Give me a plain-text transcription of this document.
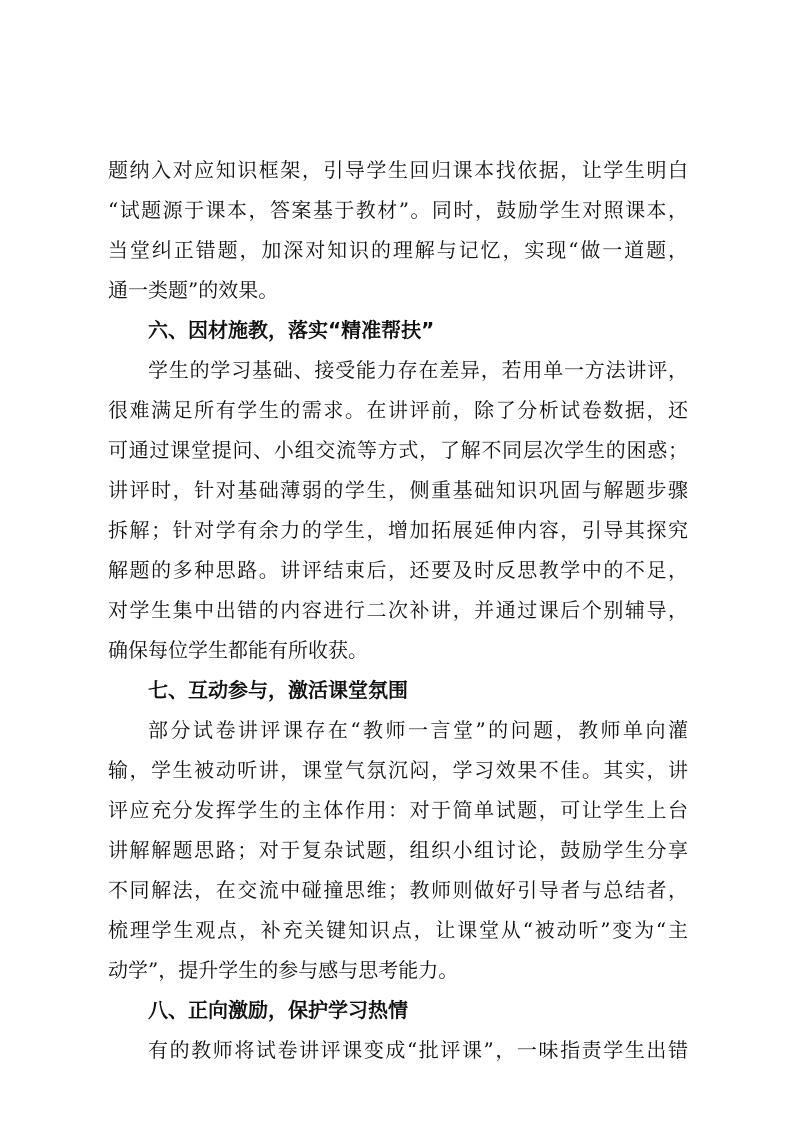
题纳入对应知识框架，引导学生回归课本找依据，让学生明白
“试题源于课本，答案基于教材”。同时，鼓励学生对照课本，
当堂纠正错题，加深对知识的理解与记忆，实现“做一道题，
通一类题”的效果。
六、因材施教，落实“精准帮扶”
学生的学习基础、接受能力存在差异，若用单一方法讲评，
很难满足所有学生的需求。在讲评前，除了分析试卷数据，还
可通过课堂提问、小组交流等方式，了解不同层次学生的困惑；
讲评时，针对基础薄弱的学生，侧重基础知识巩固与解题步骤
拆解；针对学有余力的学生，增加拓展延伸内容，引导其探究
解题的多种思路。讲评结束后，还要及时反思教学中的不足，
对学生集中出错的内容进行二次补讲，并通过课后个别辅导，
确保每位学生都能有所收获。
七、互动参与，激活课堂氛围
部分试卷讲评课存在“教师一言堂”的问题，教师单向灌
输，学生被动听讲，课堂气氛沉闷，学习效果不佳。其实，讲
评应充分发挥学生的主体作用：对于简单试题，可让学生上台
讲解解题思路；对于复杂试题，组织小组讨论，鼓励学生分享
不同解法，在交流中碰撞思维；教师则做好引导者与总结者，
梳理学生观点，补充关键知识点，让课堂从“被动听”变为“主
动学”，提升学生的参与感与思考能力。
八、正向激励，保护学习热情
有的教师将试卷讲评课变成“批评课”，一味指责学生出错
